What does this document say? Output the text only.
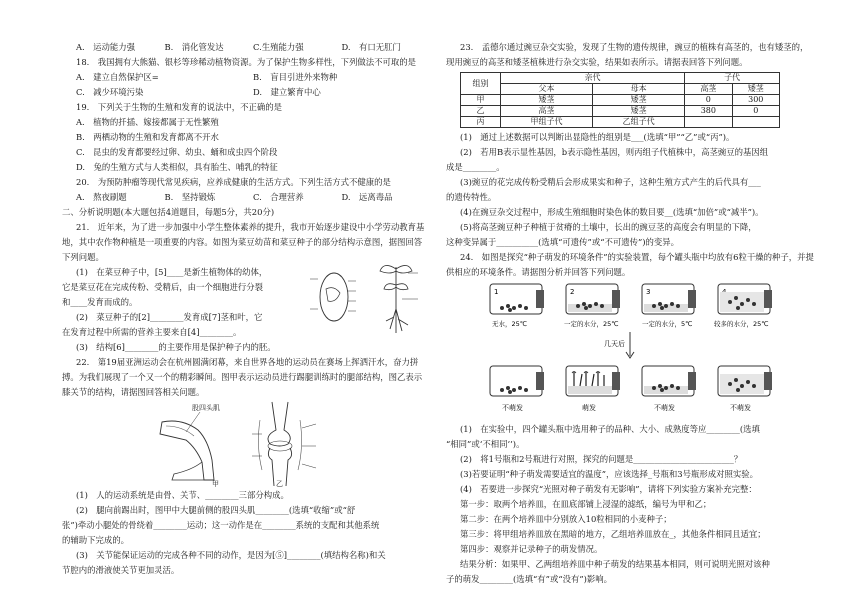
A.　运动能力强	B.　消化管发达	C.生殖能力强	D.　有口无肛门

18.　我国拥有大熊猫、银杉等珍稀动植物资源。为了保护生物多样性，下列做法不可取的是

A.　建立自然保护区=	B.　盲目引进外来物种
C.　减少环境污染	D.　建立繁育中心

19.　下列关于生物的生殖和发育的说法中，不正确的是

A.　植物的扦插、嫁接都属于无性繁殖

B.　两栖动物的生殖和发育都离不开水

C.　昆虫的发育都要经过卵、幼虫、蛹和成虫四个阶段

D.　兔的生殖方式与人类相似，具有胎生、哺乳的特征

20.　为预防肿瘤等现代常见疾病，应养成健康的生活方式。下列生活方式不健康的是

A.　熬夜刷题	B.　坚持锻炼	C.　合理营养	D.　远离毒品

二、分析说明题(本大题包括4道题目，每题5分，共20分)

21.　近年来，为了进一步加强中小学生整体素养的提升，我市开始逐步建设中小学劳动教育基地，其中农作物种植是一项重要的内容。如图为菜豆幼苗和菜豆种子的部分结构示意图，据图回答下列问题。

(1)　在菜豆种子中，[5]____是新生植物体的幼体，

它是菜豆花在完成传粉、受精后，由一个细胞进行分裂

和____发育而成的。

(2)　菜豆种子的[2]________发育成[7]茎和叶，它

在发育过程中所需的营养主要来自[4]________。

(3)　结构[6]________的主要作用是保护种子内的胚。

22.　第19届亚洲运动会在杭州圆满闭幕，来自世界各地的运动员在赛场上挥洒汗水，奋力拼搏。为我们展现了一个又一个的精彩瞬间。图甲表示运动员进行踢腿训练时的腿部结构，图乙表示膝关节的结构，请据图回答相关问题。

股四头肌
甲	乙

(1)　人的运动系统是由骨、关节、________三部分构成。

(2)　腿向前踢出时，图甲中大腿前侧的股四头肌________(选填“收缩”或“舒

张”)牵动小腿处的骨绕着________运动；这一动作是在________系统的支配和其他系统

的辅助下完成的。

(3)　关节能保证运动的完成各种不同的动作，是因为[⑤]________(填结构名称)和关

节腔内的滑液使关节更加灵活。

23.　孟德尔通过豌豆杂交实验，发现了生物的遗传规律，豌豆的植株有高茎的，也有矮茎的，现用豌豆的高茎和矮茎植株进行杂交实验，结果如表所示。请据表回答下列问题。

组别	亲代		子代	
	父本	母本	高茎	矮茎
甲	矮茎	矮茎	0	300
乙	高茎	矮茎	380	0
丙	甲组子代	乙组子代		

(1)　通过上述数据可以判断出显隐性的组别是___(选填“甲”“乙”或“丙”)。

(2)　若用B表示显性基因，b表示隐性基因，则丙组子代植株中，高茎豌豆的基因组

成是________。

(3)豌豆的花完成传粉受精后会形成果实和种子，这种生殖方式产生的后代具有___

的遗传特性。

(4)在豌豆杂交过程中，形成生殖细胞时染色体的数目要__(选填“加倍”或“减半”)。

(5)将高茎豌豆种子种植于贫瘠的土壤中，长出的豌豆茎的高度会有明显的下降，

这种变异属于__________(选填“可遗传”或“不可遗传”)的变异。

24.　如图是探究“种子萌发的环境条件”的实验装置，每个罐头瓶中均放有6粒干燥的种子，并提供相应的环境条件。请据图分析并回答下列问题。

1	2	3
无水，25℃	一定的水分，25℃	一定的水分，5℃	较多的水分，25℃
几天后
不萌发	萌发	不萌发	不萌发

(1)　在实验中，四个罐头瓶中选用种子的品种、大小、成熟度等应________(选填

“相同”或‘不相同’’)。

(2)　将1号瓶和2号瓶进行对照，探究的问题是________________________？

(3)若要证明“种子萌发需要适宜的温度”，应该选择_号瓶和3号瓶形成对照实验。

(4)　若要进一步探究“光照对种子萌发有无影响”，请将下列实验方案补充完整：

第一步：取两个培养皿，在皿底部铺上浸湿的滤纸，编号为甲和乙；

第二步：在两个培养皿中分别放入10粒相同的小麦种子；

第三步：将甲组培养皿放在黑暗的地方，乙组培养皿放在_，其他条件相同且适宜；

第四步：观察并记录种子的萌发情况。

结果分析：如果甲、乙两组培养皿中种子萌发的结果基本相同，则可说明光照对该种

子的萌发________(选填“有”或“没有”)影响。
